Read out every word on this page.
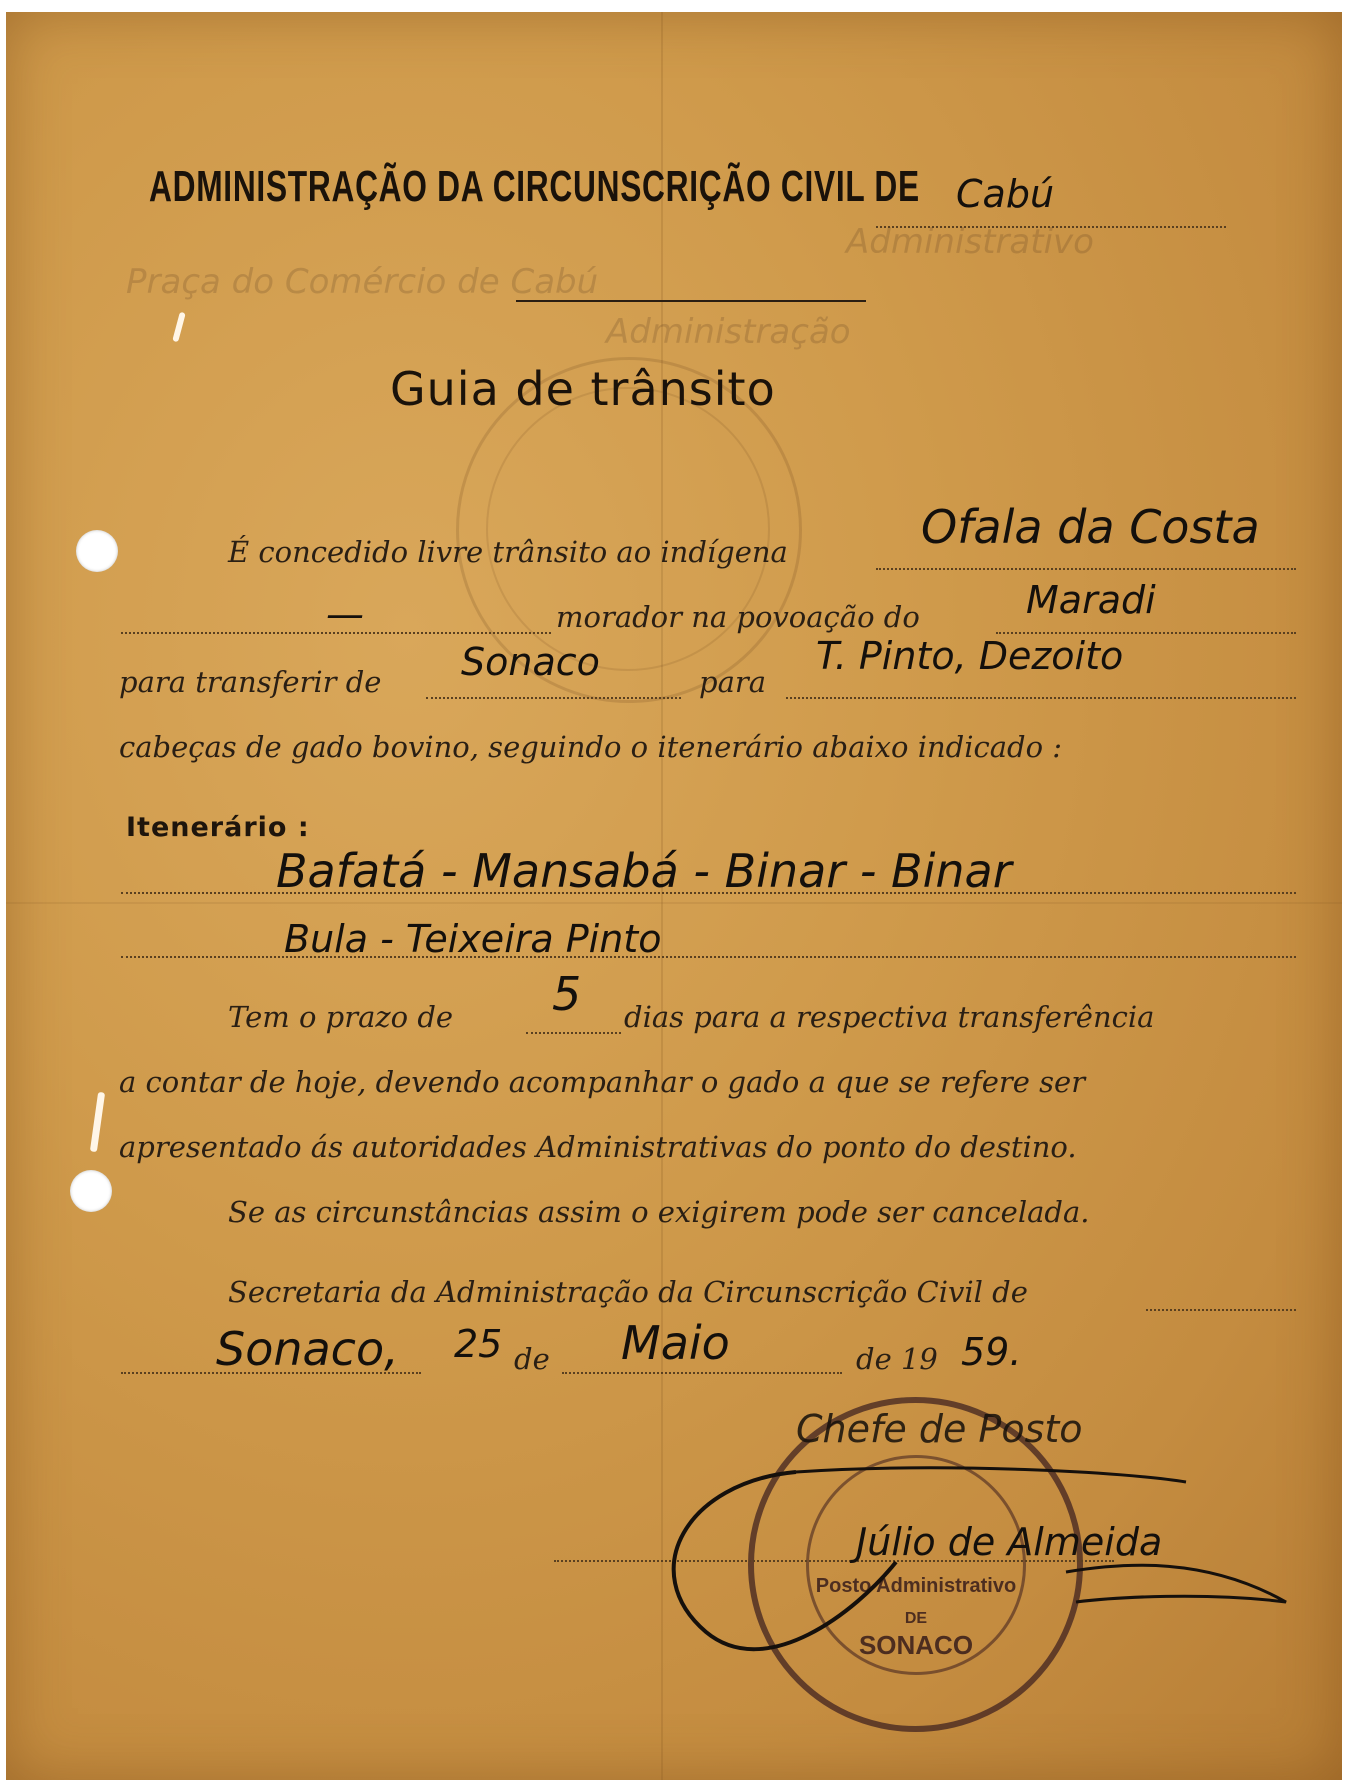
Administrativo
Praça do Comércio de Cabú
Administração
ADMINISTRAÇÃO DA CIRCUNSCRIÇÃO CIVIL DE Cabú
Guia de trânsito
É concedido livre trânsito ao indígena	Ofala da Costa
—	morador na povoação do	Maradi
para transferir de Sonaco	para
T. Pinto, Dezoito
cabeças de gado bovino, seguindo o itenerário abaixo indicado :
Itenerário :
Bafatá - Mansabá - Binar - Binar
Bula - Teixeira Pinto
Tem o prazo de 5 dias para a respectiva transferência
a contar de hoje, devendo acompanhar o gado a que se refere ser
apresentado ás autoridades Administrativas do ponto do destino.
Se as circunstâncias assim o exigirem pode ser cancelada.
Secretaria da Administração da Circunscrição Civil de
Sonaco, 25 de Maio	de 19 59.
Posto Administrativo
DE
SONACO
Chefe de Posto
Júlio de Almeida
